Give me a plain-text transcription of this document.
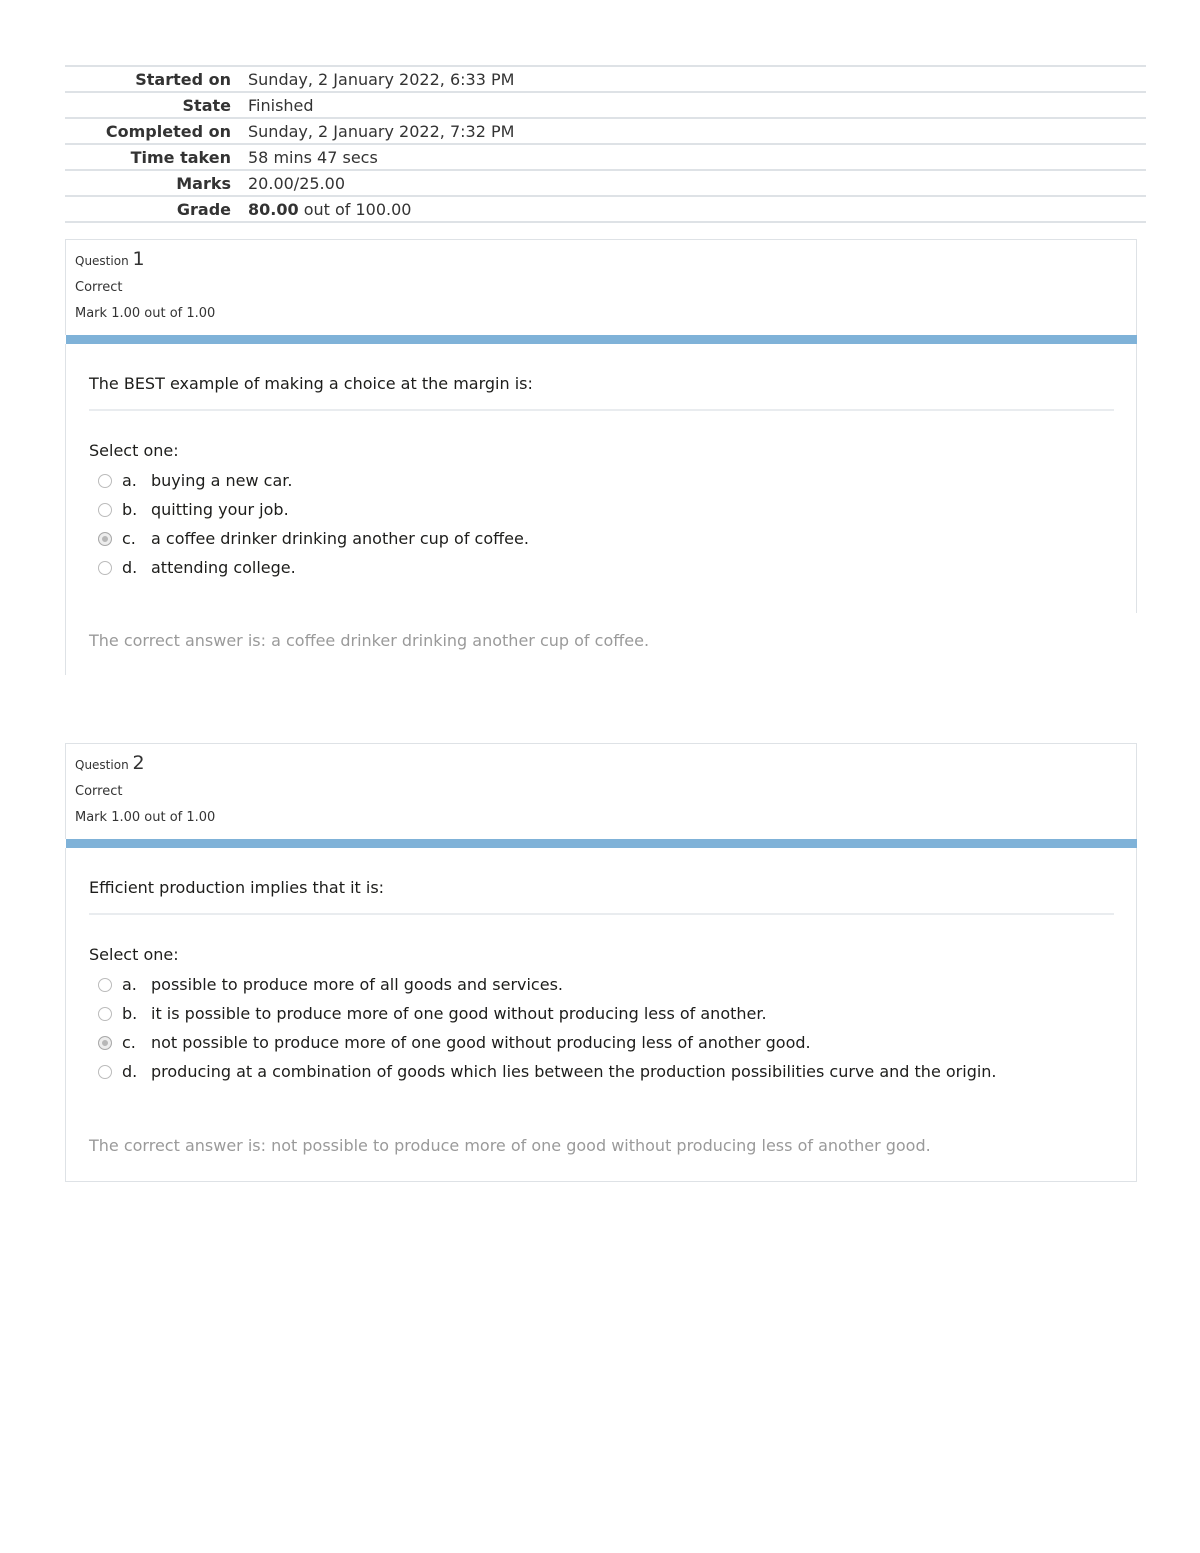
Started on	Sunday, 2 January 2022, 6:33 PM
State	Finished
Completed on	Sunday, 2 January 2022, 7:32 PM
Time taken	58 mins 47 secs
Marks	20.00/25.00
Grade	80.00 out of 100.00
Question 1
Correct
Mark 1.00 out of 1.00
The BEST example of making a choice at the margin is:
Select one:
a. buying a new car.
b. quitting your job.
c. a coffee drinker drinking another cup of coffee.
d. attending college.
The correct answer is: a coffee drinker drinking another cup of coffee.
Question 2
Correct
Mark 1.00 out of 1.00
Efficient production implies that it is:
Select one:
a. possible to produce more of all goods and services.
b. it is possible to produce more of one good without producing less of another.
c. not possible to produce more of one good without producing less of another good.
d. producing at a combination of goods which lies between the production possibilities curve and the origin.
The correct answer is: not possible to produce more of one good without producing less of another good.
